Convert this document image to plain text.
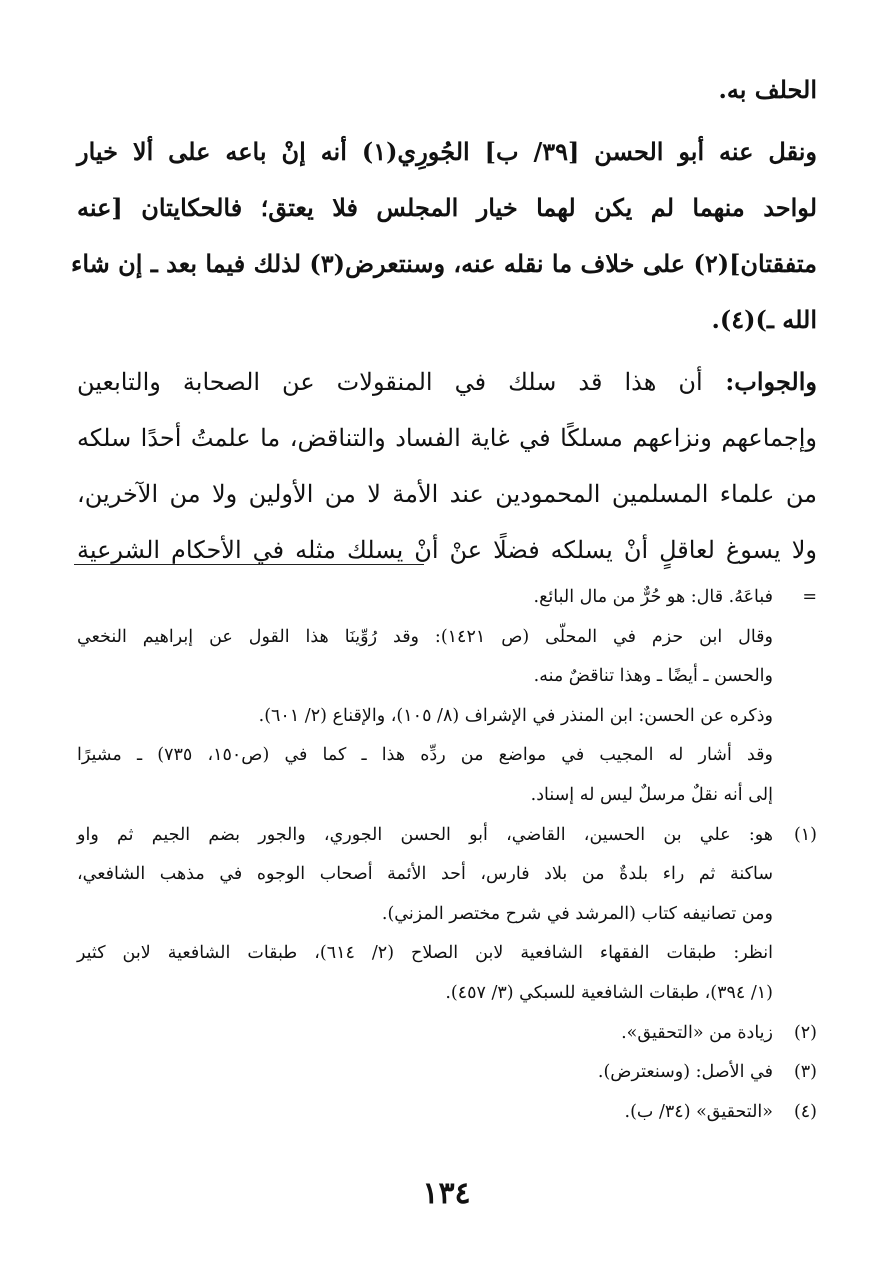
الحلف به.
ونقل عنه أبو الحسن [٣٩/ ب] الجُورِي(١) أنه إنْ باعه على ألا خيار
لواحد منهما لم يكن لهما خيار المجلس فلا يعتق؛ فالحكايتان [عنه
متفقتان](٢) على خلاف ما نقله عنه، وسنتعرض(٣) لذلك فيما بعد ـ إن شاء
الله ـ)(٤).
والجواب: أن هذا قد سلك في المنقولات عن الصحابة والتابعين
وإجماعهم ونزاعهم مسلكًا في غاية الفساد والتناقض، ما علمتُ أحدًا سلكه
من علماء المسلمين المحمودين عند الأمة لا من الأولين ولا من الآخرين،
ولا يسوغ لعاقلٍ أنْ يسلكه فضلًا عنْ أنْ يسلك مثله في الأحكام الشرعية
=
فباعَهُ. قال: هو حُرٌّ من مال البائع.
وقال ابن حزم في المحلّى (ص ١٤٢١): وقد رُوِّينَا هذا القول عن إبراهيم النخعي
والحسن ـ أيضًا ـ وهذا تناقضٌ منه.
وذكره عن الحسن: ابن المنذر في الإشراف (٨/ ١٠٥)، والإقناع (٢/ ٦٠١).
وقد أشار له المجيب في مواضع من ردِّه هذا ـ كما في (ص١٥٠، ٧٣٥) ـ مشيرًا
إلى أنه نقلٌ مرسلٌ ليس له إسناد.
(١)
هو: علي بن الحسين، القاضي، أبو الحسن الجوري، والجور بضم الجيم ثم واو
ساكنة ثم راء بلدةٌ من بلاد فارس، أحد الأئمة أصحاب الوجوه في مذهب الشافعي،
ومن تصانيفه كتاب (المرشد في شرح مختصر المزني).
انظر: طبقات الفقهاء الشافعية لابن الصلاح (٢/ ٦١٤)، طبقات الشافعية لابن كثير
(١/ ٣٩٤)، طبقات الشافعية للسبكي (٣/ ٤٥٧).
(٢)
زيادة من «التحقيق».
(٣)
في الأصل: (وسنعترض).
(٤)
«التحقيق» (٣٤/ ب).
١٣٤
